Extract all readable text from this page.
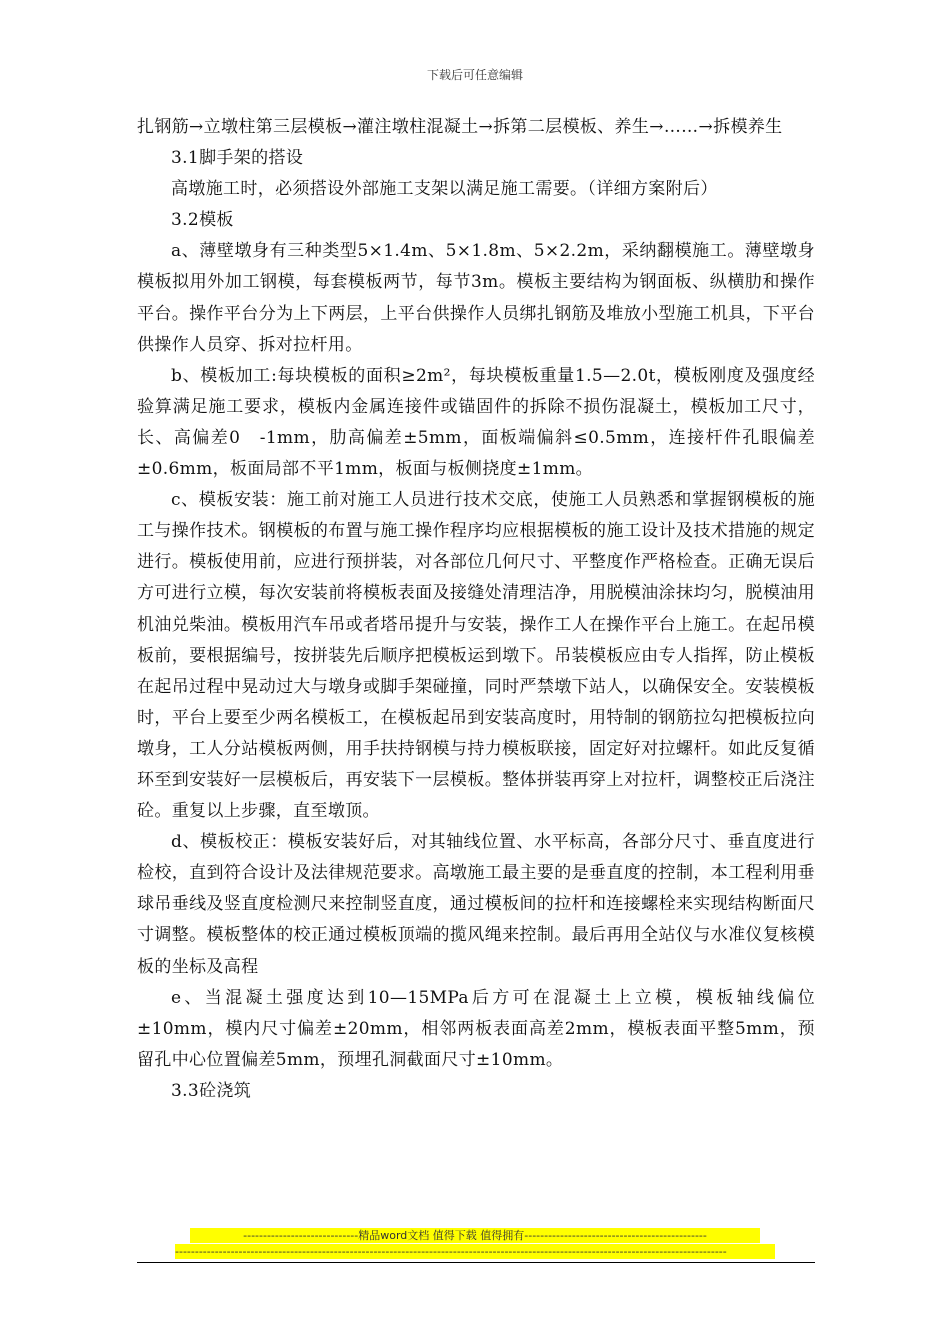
下载后可任意编辑

扎钢筋→立墩柱第三层模板→灌注墩柱混凝土→拆第二层模板、养生→……→拆模养生

3.1脚手架的搭设

高墩施工时，必须搭设外部施工支架以满足施工需要。（详细方案附后）

3.2模板

a、薄壁墩身有三种类型5×1.4m、5×1.8m、5×2.2m，采纳翻模施工。薄壁墩身模板拟用外加工钢模，每套模板两节，每节3m。模板主要结构为钢面板、纵横肋和操作平台。操作平台分为上下两层，上平台供操作人员绑扎钢筋及堆放小型施工机具，下平台供操作人员穿、拆对拉杆用。

b、模板加工:每块模板的面积≥2m²，每块模板重量1.5—2.0t，模板刚度及强度经验算满足施工要求，模板内金属连接件或锚固件的拆除不损伤混凝土，模板加工尺寸，长、高偏差0　-1mm，肋高偏差±5mm，面板端偏斜≤0.5mm，连接杆件孔眼偏差±0.6mm，板面局部不平1mm，板面与板侧挠度±1mm。

c、模板安装：施工前对施工人员进行技术交底，使施工人员熟悉和掌握钢模板的施工与操作技术。钢模板的布置与施工操作程序均应根据模板的施工设计及技术措施的规定进行。模板使用前，应进行预拼装，对各部位几何尺寸、平整度作严格检查。正确无误后方可进行立模，每次安装前将模板表面及接缝处清理洁净，用脱模油涂抹均匀，脱模油用机油兑柴油。模板用汽车吊或者塔吊提升与安装，操作工人在操作平台上施工。在起吊模板前，要根据编号，按拼装先后顺序把模板运到墩下。吊装模板应由专人指挥，防止模板在起吊过程中晃动过大与墩身或脚手架碰撞，同时严禁墩下站人，以确保安全。安装模板时，平台上要至少两名模板工，在模板起吊到安装高度时，用特制的钢筋拉勾把模板拉向墩身，工人分站模板两侧，用手扶持钢模与持力模板联接，固定好对拉螺杆。如此反复循环至到安装好一层模板后，再安装下一层模板。整体拼装再穿上对拉杆，调整校正后浇注砼。重复以上步骤，直至墩顶。

d、模板校正：模板安装好后，对其轴线位置、水平标高，各部分尺寸、垂直度进行检校，直到符合设计及法律规范要求。高墩施工最主要的是垂直度的控制，本工程利用垂球吊垂线及竖直度检测尺来控制竖直度，通过模板间的拉杆和连接螺栓来实现结构断面尺寸调整。模板整体的校正通过模板顶端的揽风绳来控制。最后再用全站仪与水准仪复核模板的坐标及高程

e、当混凝土强度达到10—15MPa后方可在混凝土上立模，模板轴线偏位±10mm，模内尺寸偏差±20mm，相邻两板表面高差2mm，模板表面平整5mm，预留孔中心位置偏差5mm，预埋孔洞截面尺寸±10mm。

3.3砼浇筑

-----------------------------精品word文档 值得下载 值得拥有----------------------------------------------
-------------------------------------------------------------------------------------------------------------------------------------------
